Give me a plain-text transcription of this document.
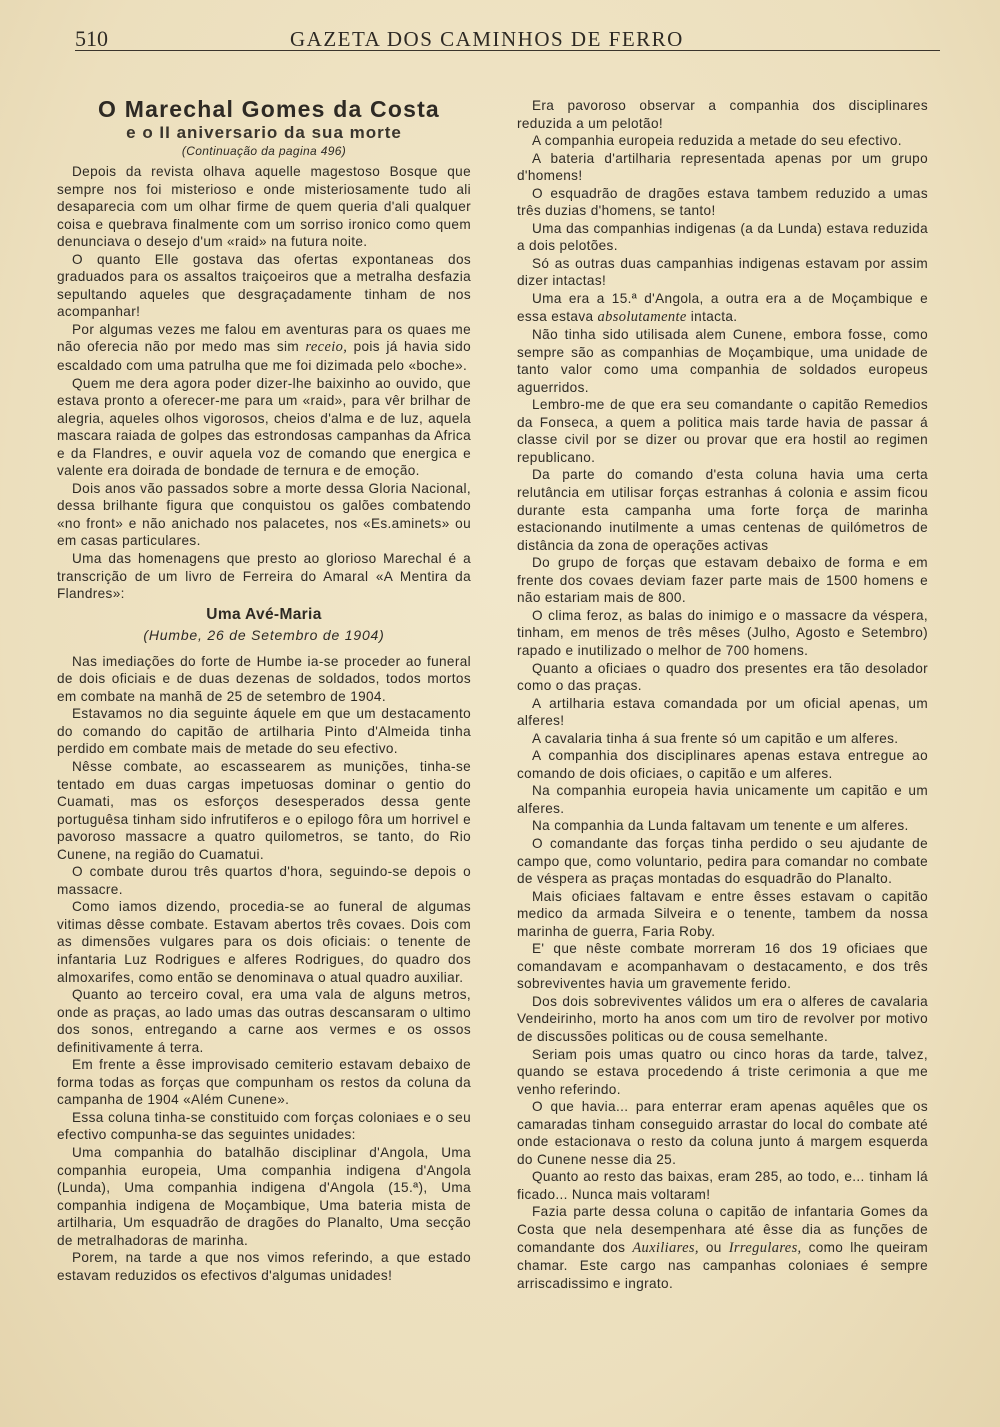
510	GAZETA DOS CAMINHOS DE FERRO
O Marechal Gomes da Costa
e o II aniversario da sua morte
(Continuação da pagina 496)

Depois da revista olhava aquelle magestoso Bosque que sempre nos foi misterioso e onde misteriosamente tudo ali desaparecia com um olhar firme de quem queria d'ali qualquer coisa e quebrava finalmente com um sorriso ironico como quem denunciava o desejo d'um «raid» na futura noite.

O quanto Elle gostava das ofertas expontaneas dos graduados para os assaltos traiçoeiros que a metralha desfazia sepultando aqueles que desgraçadamente tinham de nos acompanhar!

Por algumas vezes me falou em aventuras para os quaes me não oferecia não por medo mas sim receio, pois já havia sido escaldado com uma patrulha que me foi dizimada pelo «boche».

Quem me dera agora poder dizer-lhe baixinho ao ouvido, que estava pronto a oferecer-me para um «raid», para vêr brilhar de alegria, aqueles olhos vigorosos, cheios d'alma e de luz, aquela mascara raiada de golpes das estrondosas campanhas da Africa e da Flandres, e ouvir aquela voz de comando que energica e valente era doirada de bondade de ternura e de emoção.

Dois anos vão passados sobre a morte dessa Gloria Nacional, dessa brilhante figura que conquistou os galões combatendo «no front» e não anichado nos palacetes, nos «Es.aminets» ou em casas particulares.

Uma das homenagens que presto ao glorioso Marechal é a transcrição de um livro de Ferreira do Amaral «A Mentira da Flandres»:

Uma Avé-Maria
(Humbe, 26 de Setembro de 1904)

Nas imediações do forte de Humbe ia-se proceder ao funeral de dois oficiais e de duas dezenas de soldados, todos mortos em combate na manhã de 25 de setembro de 1904.

Estavamos no dia seguinte áquele em que um destacamento do comando do capitão de artilharia Pinto d'Almeida tinha perdido em combate mais de metade do seu efectivo.

Nêsse combate, ao escassearem as munições, tinha-se tentado em duas cargas impetuosas dominar o gentio do Cuamati, mas os esforços desesperados dessa gente portuguêsa tinham sido infrutiferos e o epilogo fôra um horrivel e pavoroso massacre a quatro quilometros, se tanto, do Rio Cunene, na região do Cuamatui.

O combate durou três quartos d'hora, seguindo-se depois o massacre.

Como iamos dizendo, procedia-se ao funeral de algumas vitimas dêsse combate. Estavam abertos três covaes. Dois com as dimensões vulgares para os dois oficiais: o tenente de infantaria Luz Rodrigues e alferes Rodrigues, do quadro dos almoxarifes, como então se denominava o atual quadro auxiliar.

Quanto ao terceiro coval, era uma vala de alguns metros, onde as praças, ao lado umas das outras descansaram o ultimo dos sonos, entregando a carne aos vermes e os ossos definitivamente á terra.

Em frente a êsse improvisado cemiterio estavam debaixo de forma todas as forças que compunham os restos da coluna da campanha de 1904 «Além Cunene».

Essa coluna tinha-se constituido com forças coloniaes e o seu efectivo compunha-se das seguintes unidades:

Uma companhia do batalhão disciplinar d'Angola, Uma companhia europeia, Uma companhia indigena d'Angola (Lunda), Uma companhia indigena d'Angola (15.ª), Uma companhia indigena de Moçambique, Uma bateria mista de artilharia, Um esquadrão de dragões do Planalto, Uma secção de metralhadoras de marinha.

Porem, na tarde a que nos vimos referindo, a que estado estavam reduzidos os efectivos d'algumas unidades!

Era pavoroso observar a companhia dos disciplinares reduzida a um pelotão!

A companhia europeia reduzida a metade do seu efectivo.

A bateria d'artilharia representada apenas por um grupo d'homens!

O esquadrão de dragões estava tambem reduzido a umas três duzias d'homens, se tanto!

Uma das companhias indigenas (a da Lunda) estava reduzida a dois pelotões.

Só as outras duas campanhias indigenas estavam por assim dizer intactas!

Uma era a 15.ª d'Angola, a outra era a de Moçambique e essa estava absolutamente intacta.

Não tinha sido utilisada alem Cunene, embora fosse, como sempre são as companhias de Moçambique, uma unidade de tanto valor como uma companhia de soldados europeus aguerridos.

Lembro-me de que era seu comandante o capitão Remedios da Fonseca, a quem a politica mais tarde havia de passar á classe civil por se dizer ou provar que era hostil ao regimen republicano.

Da parte do comando d'esta coluna havia uma certa relutância em utilisar forças estranhas á colonia e assim ficou durante esta campanha uma forte força de marinha estacionando inutilmente a umas centenas de quilómetros de distância da zona de operações activas

Do grupo de forças que estavam debaixo de forma e em frente dos covaes deviam fazer parte mais de 1500 homens e não estariam mais de 800.

O clima feroz, as balas do inimigo e o massacre da véspera, tinham, em menos de três mêses (Julho, Agosto e Setembro) rapado e inutilizado o melhor de 700 homens.

Quanto a oficiaes o quadro dos presentes era tão desolador como o das praças.

A artilharia estava comandada por um oficial apenas, um alferes!

A cavalaria tinha á sua frente só um capitão e um alferes.

A companhia dos disciplinares apenas estava entregue ao comando de dois oficiaes, o capitão e um alferes.

Na companhia europeia havia unicamente um capitão e um alferes.

Na companhia da Lunda faltavam um tenente e um alferes.

O comandante das forças tinha perdido o seu ajudante de campo que, como voluntario, pedira para comandar no combate de véspera as praças montadas do esquadrão do Planalto.

Mais oficiaes faltavam e entre êsses estavam o capitão medico da armada Silveira e o tenente, tambem da nossa marinha de guerra, Faria Roby.

E' que nêste combate morreram 16 dos 19 oficiaes que comandavam e acompanhavam o destacamento, e dos três sobreviventes havia um gravemente ferido.

Dos dois sobreviventes válidos um era o alferes de cavalaria Vendeirinho, morto ha anos com um tiro de revolver por motivo de discussões politicas ou de cousa semelhante.

Seriam pois umas quatro ou cinco horas da tarde, talvez, quando se estava procedendo á triste cerimonia a que me venho referindo.

O que havia... para enterrar eram apenas aquêles que os camaradas tinham conseguido arrastar do local do combate até onde estacionava o resto da coluna junto á margem esquerda do Cunene nesse dia 25.

Quanto ao resto das baixas, eram 285, ao todo, e... tinham lá ficado... Nunca mais voltaram!

Fazia parte dessa coluna o capitão de infantaria Gomes da Costa que nela desempenhara até êsse dia as funções de comandante dos Auxiliares, ou Irregulares, como lhe queiram chamar. Este cargo nas campanhas coloniaes é sempre arriscadissimo e ingrato.
